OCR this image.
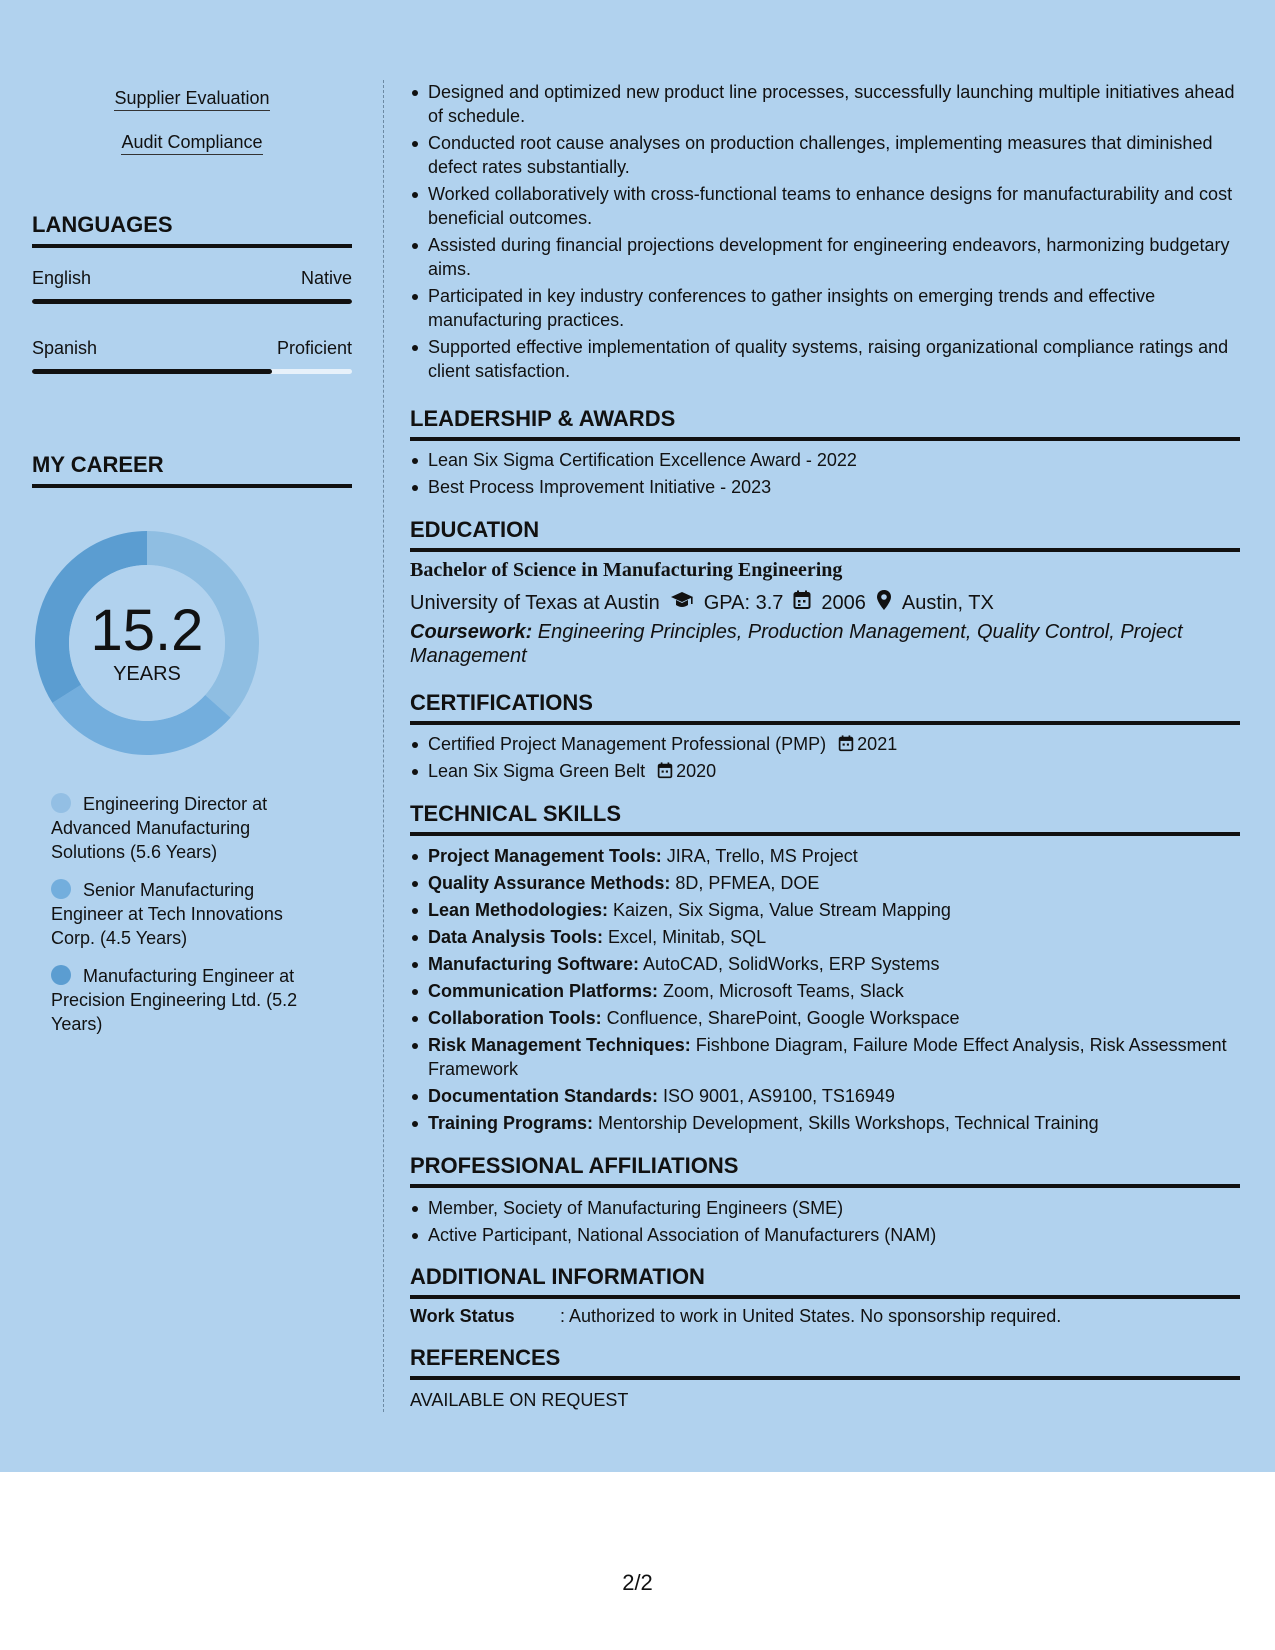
Supplier Evaluation
Audit Compliance
LANGUAGES
English	Native
Spanish	Proficient
MY CAREER
Engineering Director at Advanced Manufacturing Solutions (5.6 Years)
Senior Manufacturing Engineer at Tech Innovations Corp. (4.5 Years)
Manufacturing Engineer at Precision Engineering Ltd. (5.2 Years)
15.2
YEARS
Designed and optimized new product line processes, successfully launching multiple initiatives ahead of schedule.
Conducted root cause analyses on production challenges, implementing measures that diminished defect rates substantially.
Worked collaboratively with cross-functional teams to enhance designs for manufacturability and cost beneficial outcomes.
Assisted during financial projections development for engineering endeavors, harmonizing budgetary aims.
Participated in key industry conferences to gather insights on emerging trends and effective manufacturing practices.
Supported effective implementation of quality systems, raising organizational compliance ratings and client satisfaction.
LEADERSHIP & AWARDS
Lean Six Sigma Certification Excellence Award - 2022
Best Process Improvement Initiative - 2023
EDUCATION
Bachelor of Science in Manufacturing Engineering
University of Texas at Austin GPA: 3.7 2006 Austin, TX
Coursework: Engineering Principles, Production Management, Quality Control, Project Management
CERTIFICATIONS
Certified Project Management Professional (PMP) 2021
Lean Six Sigma Green Belt 2020
TECHNICAL SKILLS
Project Management Tools: JIRA, Trello, MS Project
Quality Assurance Methods: 8D, PFMEA, DOE
Lean Methodologies: Kaizen, Six Sigma, Value Stream Mapping
Data Analysis Tools: Excel, Minitab, SQL
Manufacturing Software: AutoCAD, SolidWorks, ERP Systems
Communication Platforms: Zoom, Microsoft Teams, Slack
Collaboration Tools: Confluence, SharePoint, Google Workspace
Risk Management Techniques: Fishbone Diagram, Failure Mode Effect Analysis, Risk Assessment Framework
Documentation Standards: ISO 9001, AS9100, TS16949
Training Programs: Mentorship Development, Skills Workshops, Technical Training
PROFESSIONAL AFFILIATIONS
Member, Society of Manufacturing Engineers (SME)
Active Participant, National Association of Manufacturers (NAM)
ADDITIONAL INFORMATION
Work Status	: Authorized to work in United States. No sponsorship required.
REFERENCES
AVAILABLE ON REQUEST
2/2
